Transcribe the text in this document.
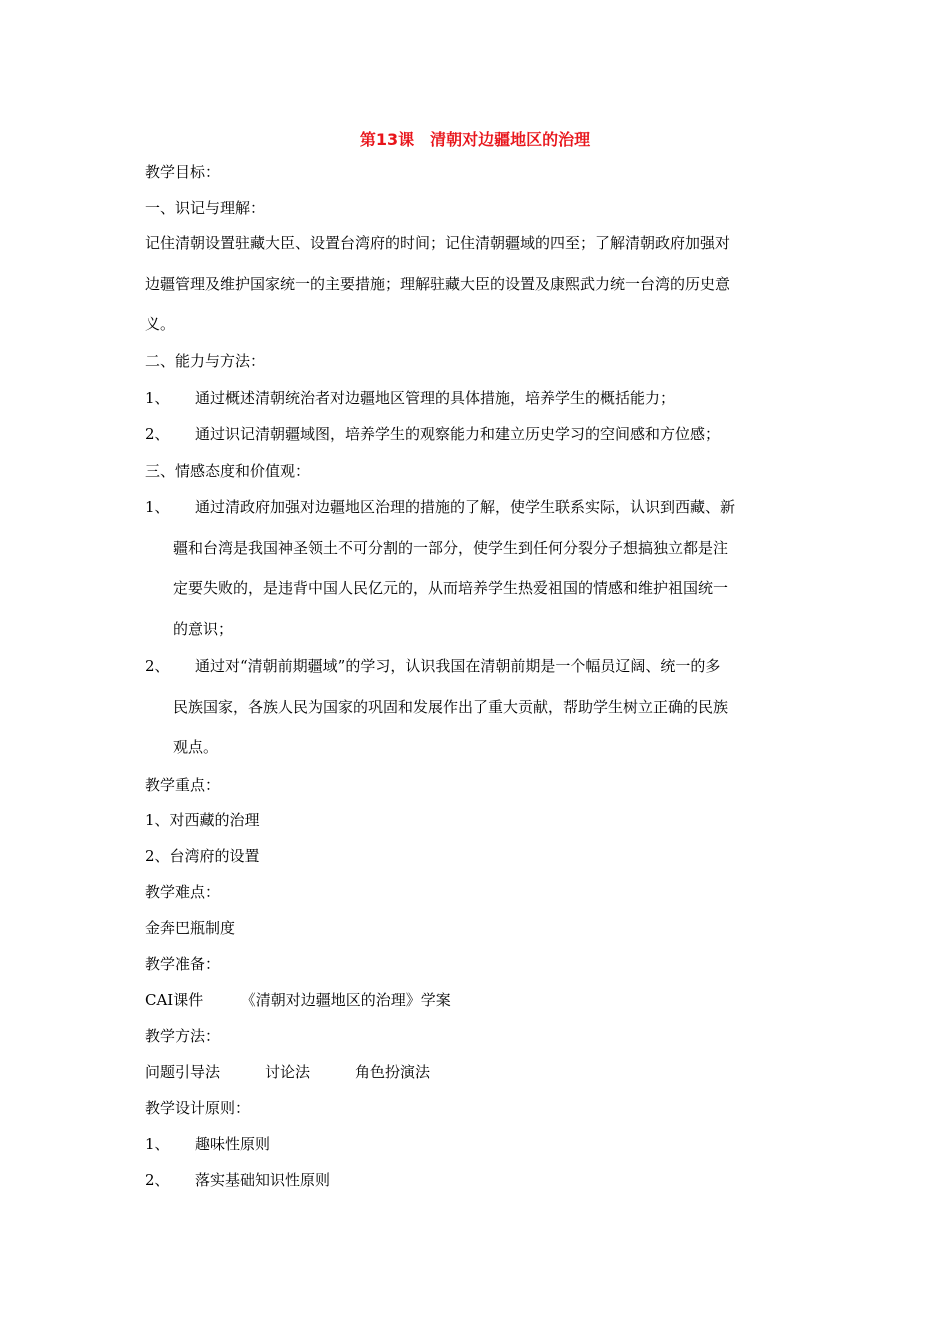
第13课　清朝对边疆地区的治理
教学目标：
一、识记与理解：
记住清朝设置驻藏大臣、设置台湾府的时间；记住清朝疆域的四至；了解清朝政府加强对
边疆管理及维护国家统一的主要措施；理解驻藏大臣的设置及康熙武力统一台湾的历史意
义。
二、能力与方法：
1、 通过概述清朝统治者对边疆地区管理的具体措施，培养学生的概括能力；
2、 通过识记清朝疆域图，培养学生的观察能力和建立历史学习的空间感和方位感；
三、情感态度和价值观：
1、 通过清政府加强对边疆地区治理的措施的了解，使学生联系实际，认识到西藏、新
疆和台湾是我国神圣领土不可分割的一部分，使学生到任何分裂分子想搞独立都是注
定要失败的，是违背中国人民亿元的，从而培养学生热爱祖国的情感和维护祖国统一
的意识；
2、 通过对“清朝前期疆域”的学习，认识我国在清朝前期是一个幅员辽阔、统一的多
民族国家，各族人民为国家的巩固和发展作出了重大贡献，帮助学生树立正确的民族
观点。
教学重点：
1、对西藏的治理
2、台湾府的设置
教学难点：
金奔巴瓶制度
教学准备：
CAI课件　　　《清朝对边疆地区的治理》学案
教学方法：
问题引导法　　　讨论法　　　角色扮演法
教学设计原则：
1、 趣味性原则
2、 落实基础知识性原则
